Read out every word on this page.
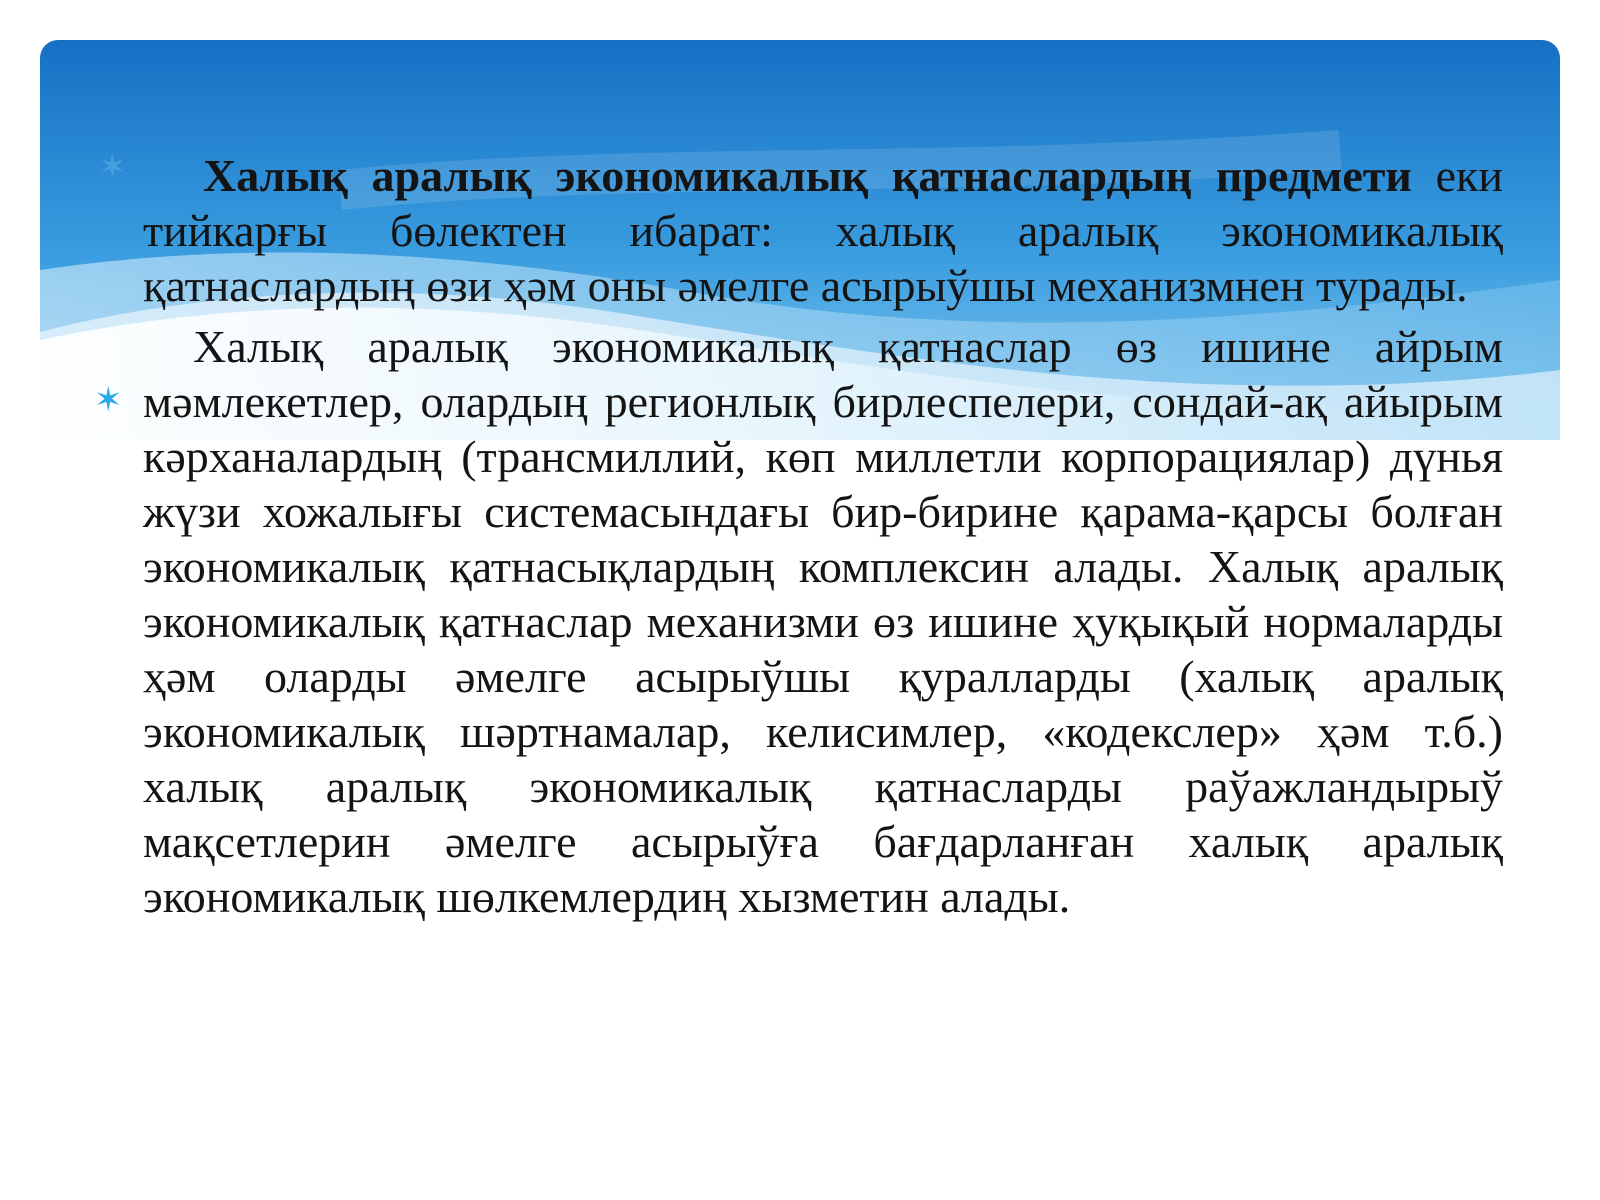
✶
✶

Халық аралық экономикалық қатнаслардың предмети еки тийкарғы бөлектен ибарат: халық аралық экономикалық қатнаслардың өзи ҳәм оны әмелге асырыўшы механизмнен турады.

Халық аралық экономикалық қатнаслар өз ишине айрым мәмлекетлер, олардың регионлық бирлеспелери, сондай-ақ айырым кәрханалардың (трансмиллий, көп миллетли корпорациялар) дүнья жүзи хожалығы системасындағы бир-бирине қарама-қарсы болған экономикалық қатнасықлардың комплексин алады. Халық аралық экономикалық қатнаслар механизми өз ишине ҳуқықый нормаларды ҳәм оларды әмелге асырыўшы қуралларды (халық аралық экономикалық шәртнамалар, келисимлер, «кодекслер» ҳәм т.б.) халық аралық экономикалық қатнасларды раўажландырыў мақсетлерин әмелге асырыўға бағдарланған халық аралық экономикалық шөлкемлердиң хызметин алады.
